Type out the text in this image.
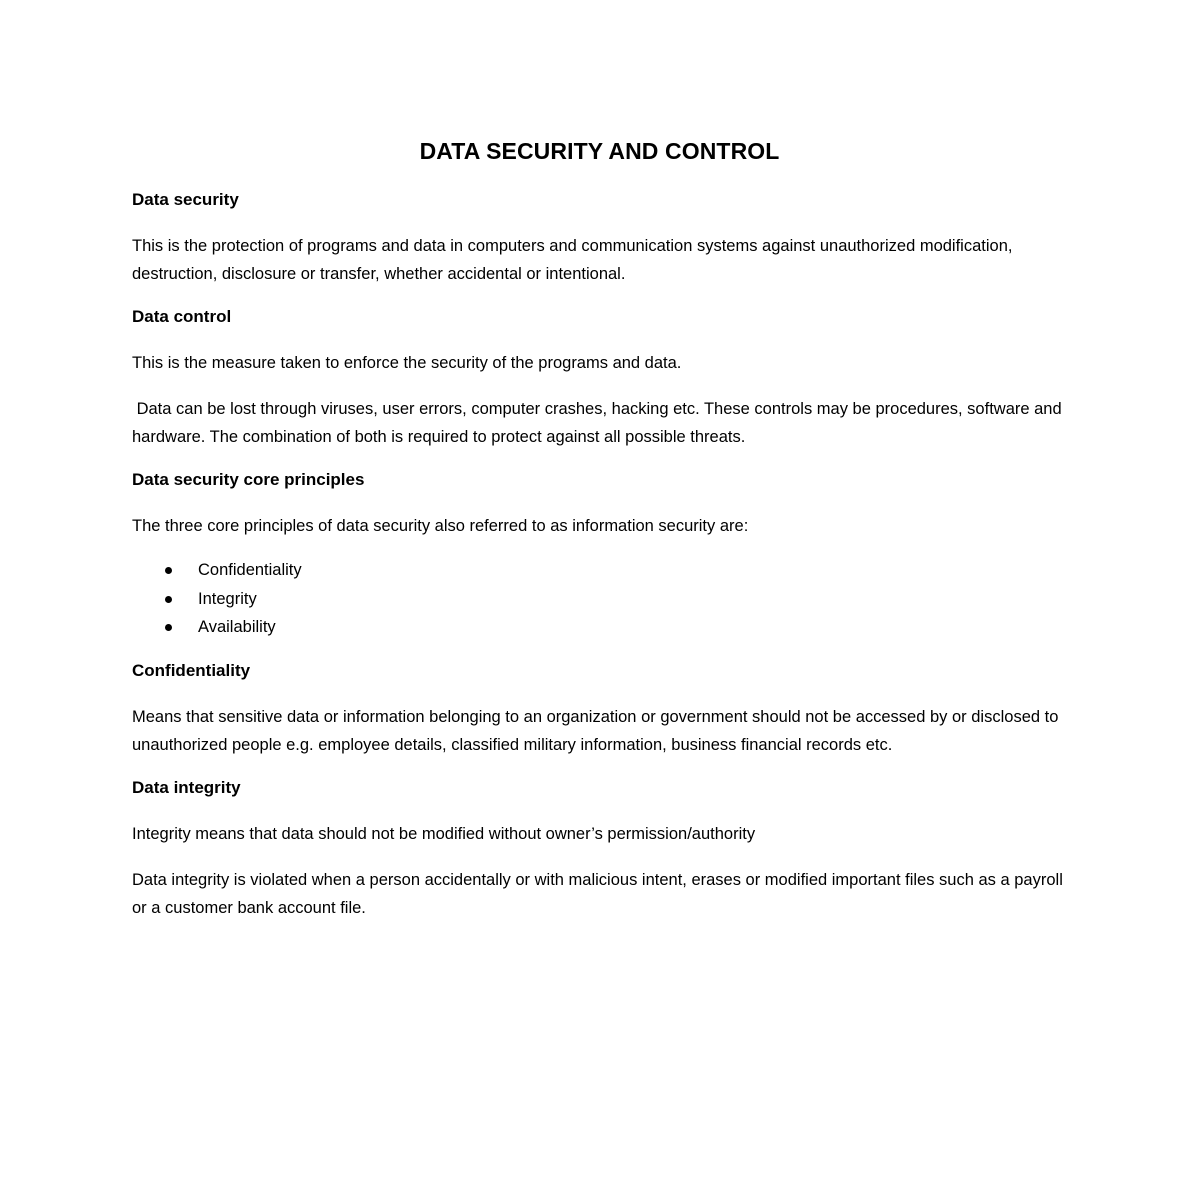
DATA SECURITY AND CONTROL
Data security
This is the protection of programs and data in computers and communication systems against unauthorized modification, destruction, disclosure or transfer, whether accidental or intentional.
Data control
This is the measure taken to enforce the security of the programs and data.
Data can be lost through viruses, user errors, computer crashes, hacking etc. These controls may be procedures, software and hardware. The combination of both is required to protect against all possible threats.
Data security core principles
The three core principles of data security also referred to as information security are:
Confidentiality
Integrity
Availability
Confidentiality
Means that sensitive data or information belonging to an organization or government should not be accessed by or disclosed to unauthorized people e.g. employee details, classified military information, business financial records etc.
Data integrity
Integrity means that data should not be modified without owner’s permission/authority
Data integrity is violated when a person accidentally or with malicious intent, erases or modified important files such as a payroll or a customer bank account file.
